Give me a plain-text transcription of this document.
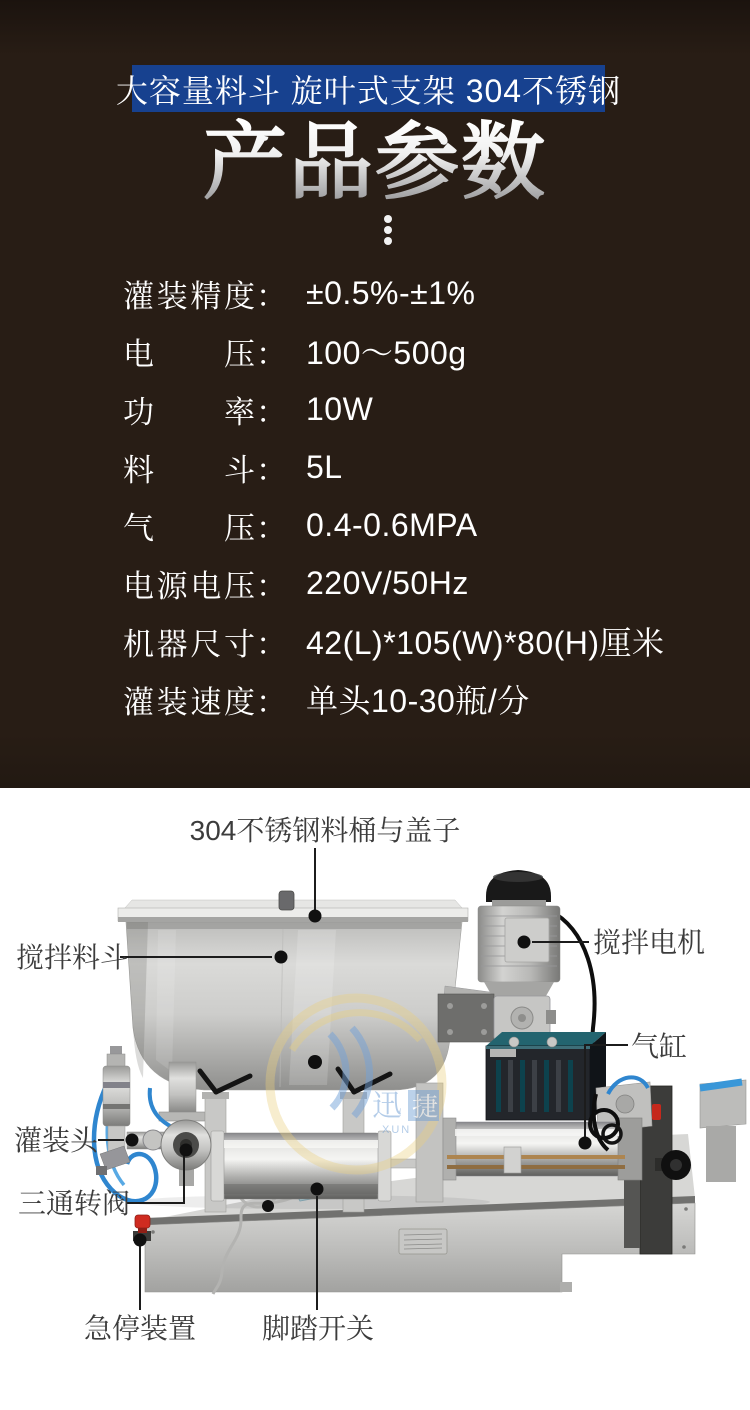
大容量料斗 旋叶式支架 304不锈钢
产品参数
灌装精度 ： ±0.5%-±1%
电压 ： 100～500g
功率 ： 10W
料斗 ： 5L
气压 ： 0.4-0.6MPA
电源电压 ： 220V/50Hz
机器尺寸 ： 42(L)*105(W)*80(H)厘米
灌装速度 ： 单头10-30瓶/分
迅 捷
XUN
304不锈钢料桶与盖子
搅拌料斗	搅拌电机
气缸
灌装头
三通转阀
急停装置 脚踏开关
